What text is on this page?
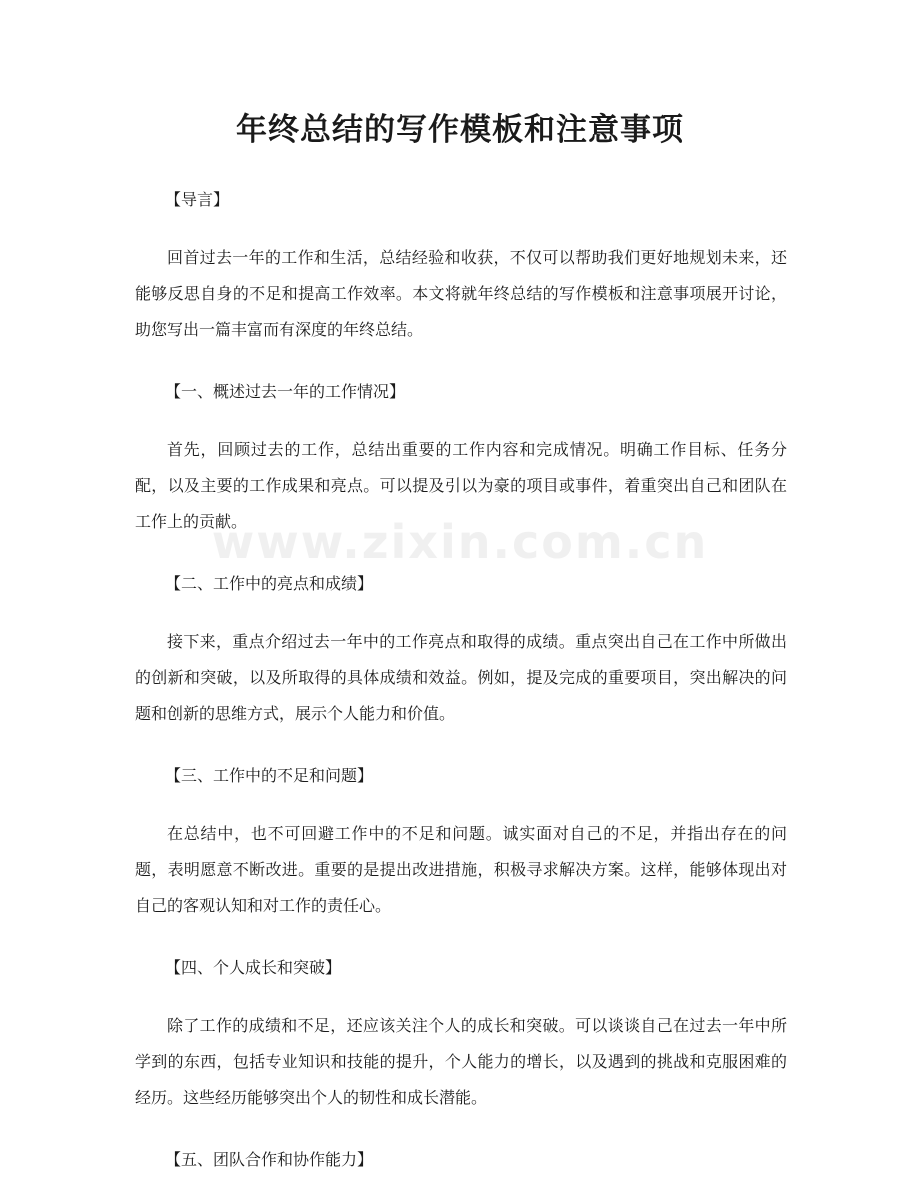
年终总结的写作模板和注意事项
www.zixin.com.cn

【导言】

回首过去一年的工作和生活，总结经验和收获，不仅可以帮助我们更好地规划未来，还能够反思自身的不足和提高工作效率。本文将就年终总结的写作模板和注意事项展开讨论，助您写出一篇丰富而有深度的年终总结。

【一、概述过去一年的工作情况】

首先，回顾过去的工作，总结出重要的工作内容和完成情况。明确工作目标、任务分配，以及主要的工作成果和亮点。可以提及引以为豪的项目或事件，着重突出自己和团队在工作上的贡献。

【二、工作中的亮点和成绩】

接下来，重点介绍过去一年中的工作亮点和取得的成绩。重点突出自己在工作中所做出的创新和突破，以及所取得的具体成绩和效益。例如，提及完成的重要项目，突出解决的问题和创新的思维方式，展示个人能力和价值。

【三、工作中的不足和问题】

在总结中，也不可回避工作中的不足和问题。诚实面对自己的不足，并指出存在的问题，表明愿意不断改进。重要的是提出改进措施，积极寻求解决方案。这样，能够体现出对自己的客观认知和对工作的责任心。

【四、个人成长和突破】

除了工作的成绩和不足，还应该关注个人的成长和突破。可以谈谈自己在过去一年中所学到的东西，包括专业知识和技能的提升，个人能力的增长，以及遇到的挑战和克服困难的经历。这些经历能够突出个人的韧性和成长潜能。

【五、团队合作和协作能力】
